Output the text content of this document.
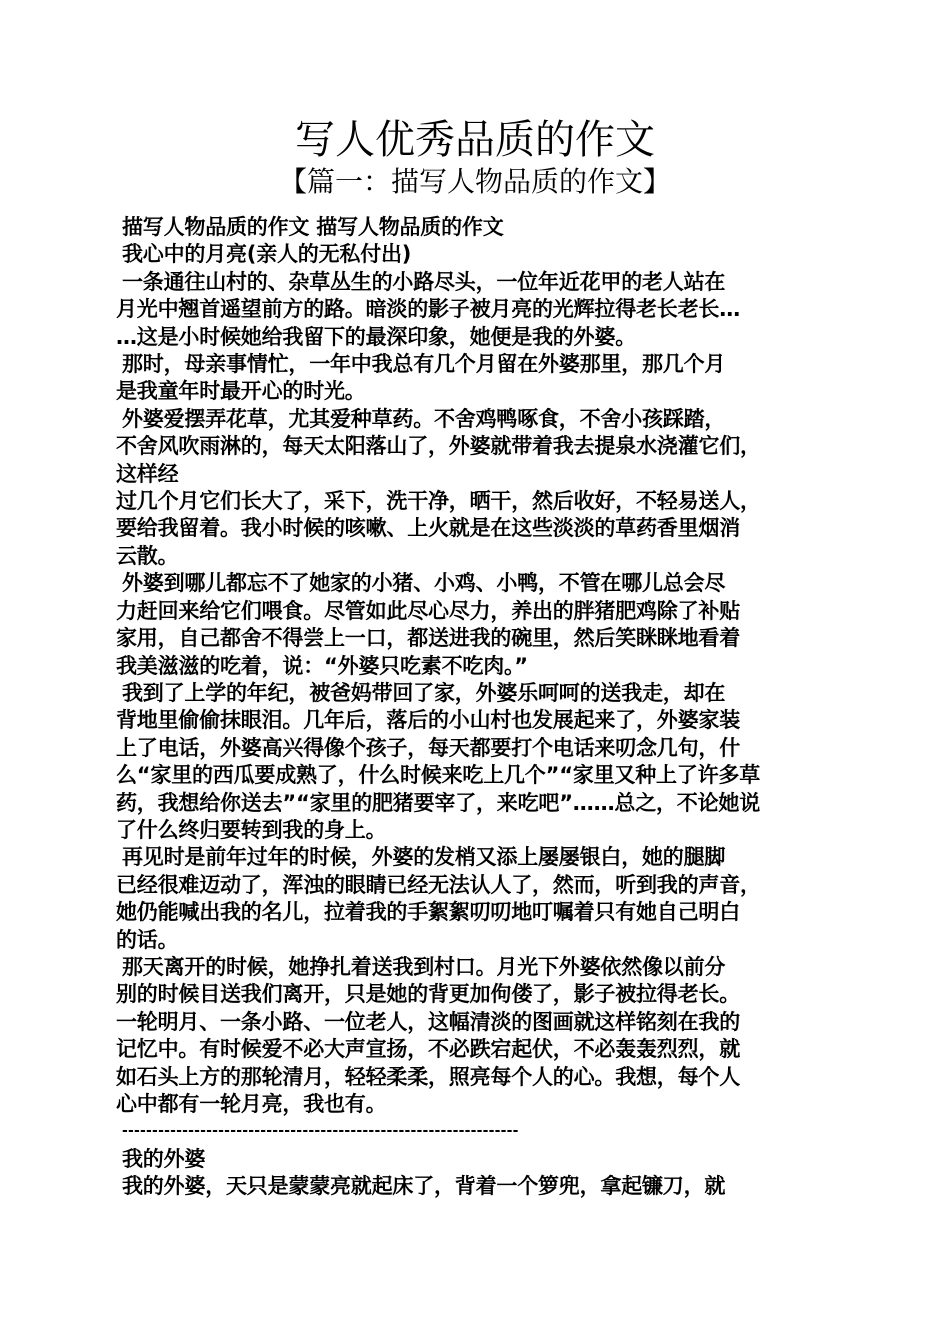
写人优秀品质的作文
【篇一：描写人物品质的作文】
描写人物品质的作文 描写人物品质的作文
我心中的月亮(亲人的无私付出)
一条通往山村的、杂草丛生的小路尽头，一位年近花甲的老人站在
月光中翘首遥望前方的路。暗淡的影子被月亮的光辉拉得老长老长…
…这是小时候她给我留下的最深印象，她便是我的外婆。
那时，母亲事情忙，一年中我总有几个月留在外婆那里，那几个月
是我童年时最开心的时光。
外婆爱摆弄花草，尤其爱种草药。不舍鸡鸭啄食，不舍小孩踩踏，
不舍风吹雨淋的，每天太阳落山了，外婆就带着我去提泉水浇灌它们，
这样经
过几个月它们长大了，采下，洗干净，晒干，然后收好，不轻易送人，
要给我留着。我小时候的咳嗽、上火就是在这些淡淡的草药香里烟消
云散。
外婆到哪儿都忘不了她家的小猪、小鸡、小鸭，不管在哪儿总会尽
力赶回来给它们喂食。尽管如此尽心尽力，养出的胖猪肥鸡除了补贴
家用，自己都舍不得尝上一口，都送进我的碗里，然后笑眯眯地看着
我美滋滋的吃着，说：“外婆只吃素不吃肉。”
我到了上学的年纪，被爸妈带回了家，外婆乐呵呵的送我走，却在
背地里偷偷抹眼泪。几年后，落后的小山村也发展起来了，外婆家装
上了电话，外婆高兴得像个孩子，每天都要打个电话来叨念几句，什
么“家里的西瓜要成熟了，什么时候来吃上几个”“家里又种上了许多草
药，我想给你送去”“家里的肥猪要宰了，来吃吧”……总之，不论她说
了什么终归要转到我的身上。
再见时是前年过年的时候，外婆的发梢又添上屡屡银白，她的腿脚
已经很难迈动了，浑浊的眼睛已经无法认人了，然而，听到我的声音，
她仍能喊出我的名儿，拉着我的手絮絮叨叨地叮嘱着只有她自己明白
的话。
那天离开的时候，她挣扎着送我到村口。月光下外婆依然像以前分
别的时候目送我们离开，只是她的背更加佝偻了，影子被拉得老长。
一轮明月、一条小路、一位老人，这幅清淡的图画就这样铭刻在我的
记忆中。有时候爱不必大声宣扬，不必跌宕起伏，不必轰轰烈烈，就
如石头上方的那轮清月，轻轻柔柔，照亮每个人的心。我想，每个人
心中都有一轮月亮，我也有。
------------------------------------------------------------------
我的外婆
我的外婆，天只是蒙蒙亮就起床了，背着一个箩兜，拿起镰刀，就
